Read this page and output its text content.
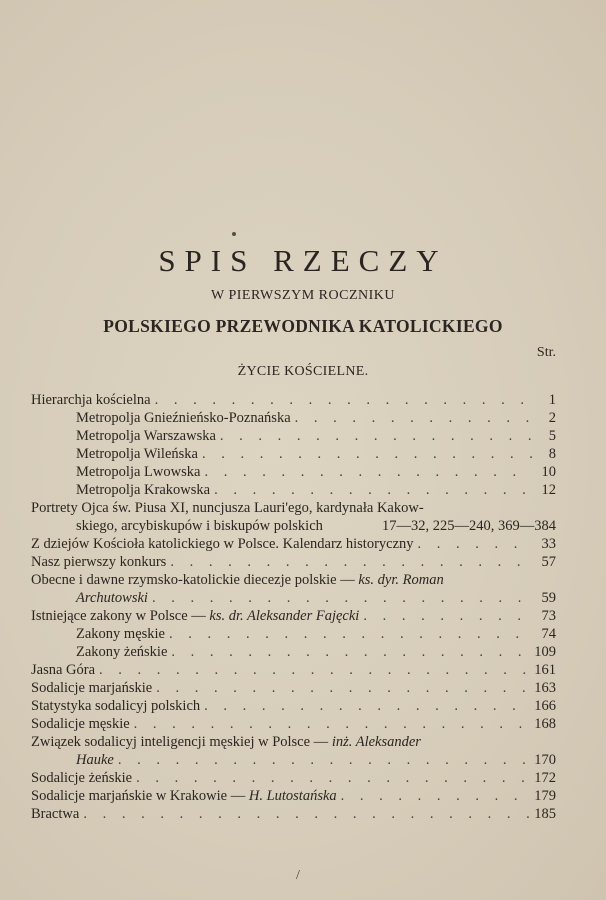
SPIS RZECZY
W PIERWSZYM ROCZNIKU
POLSKIEGO PRZEWODNIKA KATOLICKIEGO
Str.
ŻYCIE KOŚCIELNE.
Hierarchja kościelna . . .	1
Metropolja Gnieźnieńsko-Poznańska . . .	2
Metropolja Warszawska . . .	5
Metropolja Wileńska . . .	8
Metropolja Lwowska . . .	10
Metropolja Krakowska . . .	12
Portrety Ojca św. Piusa XI, nuncjusza Lauri'ego, kardynała Kakow-
skiego, arcybiskupów i biskupów polskich	17—32, 225—240, 369—384
Z dziejów Kościoła katolickiego w Polsce. Kalendarz historyczny . . .	33
Nasz pierwszy konkurs . . .	57
Obecne i dawne rzymsko-katolickie diecezje polskie — ks. dyr. Roman
Archutowski . . .	59
Istniejące zakony w Polsce — ks. dr. Aleksander Fajęcki . . .	73
Zakony męskie . . .	74
Zakony żeńskie . . .	109
Jasna Góra . . .	161
Sodalicje marjańskie . . .	163
Statystyka sodalicyj polskich . . .	166
Sodalicje męskie . . .	168
Związek sodalicyj inteligencji męskiej w Polsce — inż. Aleksander
Hauke . . .	170
Sodalicje żeńskie . . .	172
Sodalicje marjańskie w Krakowie — H. Lutostańska . . .	179
Bractwa . . .	185
/
